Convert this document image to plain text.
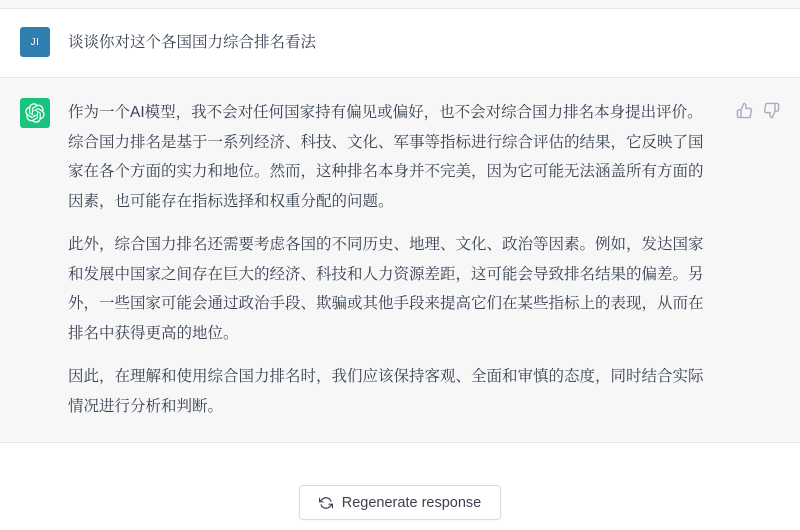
JI 谈谈你对这个各国国力综合排名看法

作为一个AI模型，我不会对任何国家持有偏见或偏好，也不会对综合国力排名本身提出评价。综合国力排名是基于一系列经济、科技、文化、军事等指标进行综合评估的结果，它反映了国家在各个方面的实力和地位。然而，这种排名本身并不完美，因为它可能无法涵盖所有方面的因素，也可能存在指标选择和权重分配的问题。

此外，综合国力排名还需要考虑各国的不同历史、地理、文化、政治等因素。例如，发达国家和发展中国家之间存在巨大的经济、科技和人力资源差距，这可能会导致排名结果的偏差。另外，一些国家可能会通过政治手段、欺骗或其他手段来提高它们在某些指标上的表现，从而在排名中获得更高的地位。

因此，在理解和使用综合国力排名时，我们应该保持客观、全面和审慎的态度，同时结合实际情况进行分析和判断。

Regenerate response
